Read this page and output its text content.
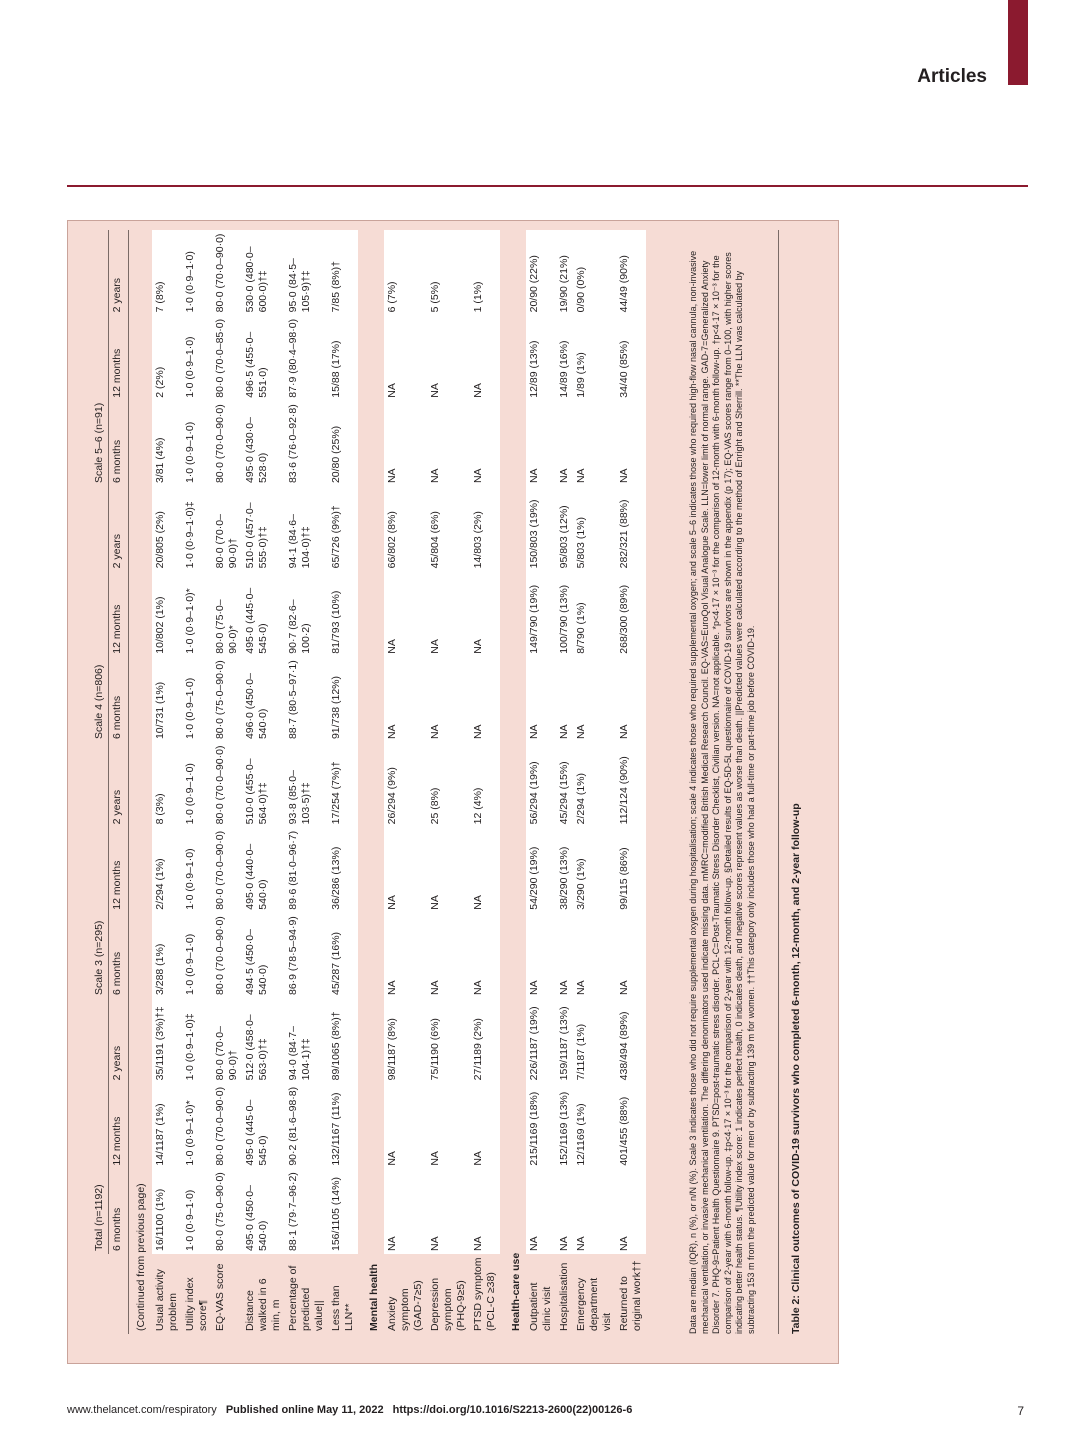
Articles
	Total (n=1192)			Scale 3 (n=295)			Scale 4 (n=806)			Scale 5–6 (n=91)		
	6 months	12 months	2 years	6 months	12 months	2 years	6 months	12 months	2 years	6 months	12 months	2 years
(Continued from previous page)												
Usual activity problem	16/1100 (1%)	14/1187 (1%)	35/1191 (3%)†‡	3/288 (1%)	2/294 (1%)	8 (3%)	10/731 (1%)	10/802 (1%)	20/805 (2%)	3/81 (4%)	2 (2%)	7 (8%)
Utility index score¶	1·0 (0·9–1·0)	1·0 (0·9–1·0)*	1·0 (0·9–1·0)‡	1·0 (0·9–1·0)	1·0 (0·9–1·0)	1·0 (0·9–1·0)	1·0 (0·9–1·0)	1·0 (0·9–1·0)*	1·0 (0·9–1·0)‡	1·0 (0·9–1·0)	1·0 (0·9–1·0)	1·0 (0·9–1·0)
EQ-VAS score	80·0 (75·0–90·0)	80·0 (70·0–90·0)	80·0 (70·0–90·0)†	80·0 (70·0–90·0)	80·0 (70·0–90·0)	80·0 (70·0–90·0)	80·0 (75·0–90·0)	80·0 (75·0–90·0)*	80·0 (70·0–90·0)†	80·0 (70·0–90·0)	80·0 (70·0–85·0)	80·0 (70·0–90·0)
Distance walked in 6 min, m	495·0 (450·0–540·0)	495·0 (445·0–545·0)	512·0 (458·0–563·0)†‡	494·5 (450·0–540·0)	495·0 (440·0–540·0)	510·0 (455·0–564·0)†‡	496·0 (450·0–540·0)	495·0 (445·0–545·0)	510·0 (457·0–555·0)†‡	495·0 (430·0–528·0)	496·5 (455·0–551·0)	530·0 (480·0–600·0)†‡
Percentage of predicted value||	88·1 (79·7–96·2)	90·2 (81·6–98·8)	94·0 (84·7–104·1)†‡	86·9 (78·5–94·9)	89·6 (81·0–96·7)	93·8 (85·0–103·5)†‡	88·7 (80·5–97·1)	90·7 (82·6–100·2)	94·1 (84·6–104·0)†‡	83·6 (76·0–92·8)	87·9 (80·4–98·0)	95·0 (84·5–105·9)†‡
Less than LLN**	156/1105 (14%)	132/1167 (11%)	89/1065 (8%)†	45/287 (16%)	36/286 (13%)	17/254 (7%)†	91/738 (12%)	81/793 (10%)	65/726 (9%)†	20/80 (25%)	15/88 (17%)	7/85 (8%)†

Mental health												
Anxiety symptom (GAD-7≥5)	NA	NA	98/1187 (8%)	NA	NA	26/294 (9%)	NA	NA	66/802 (8%)	NA	NA	6 (7%)
Depression symptom (PHQ-9≥5)	NA	NA	75/1190 (6%)	NA	NA	25 (8%)	NA	NA	45/804 (6%)	NA	NA	5 (5%)
PTSD symptom (PCL-C ≥38)	NA	NA	27/1189 (2%)	NA	NA	12 (4%)	NA	NA	14/803 (2%)	NA	NA	1 (1%)

Health-care use												
Outpatient clinic visit	NA	215/1169 (18%)	226/1187 (19%)	NA	54/290 (19%)	56/294 (19%)	NA	149/790 (19%)	150/803 (19%)	NA	12/89 (13%)	20/90 (22%)
Hospitalisation	NA	152/1169 (13%)	159/1187 (13%)	NA	38/290 (13%)	45/294 (15%)	NA	100/790 (13%)	95/803 (12%)	NA	14/89 (16%)	19/90 (21%)
Emergency department visit	NA	12/1169 (1%)	7/1187 (1%)	NA	3/290 (1%)	2/294 (1%)	NA	8/790 (1%)	5/803 (1%)	NA	1/89 (1%)	0/90 (0%)
Returned to original work††	NA	401/455 (88%)	438/494 (89%)	NA	99/115 (86%)	112/124 (90%)	NA	268/300 (89%)	282/321 (88%)	NA	34/40 (85%)	44/49 (90%)	Data are median (IQR), n (%), or n/N (%). Scale 3 indicates those who did not require supplemental oxygen during hospitalisation; scale 4 indicates those who required supplemental oxygen; and scale 5–6 indicates those who required high-flow nasal cannula, non-invasive mechanical ventilation, or invasive mechanical ventilation. The differing denominators used indicate missing data. mMRC=modified British Medical Research Council. EQ-VAS=EuroQol Visual Analogue Scale. LLN=lower limit of normal range. GAD-7=Generalized Anxiety Disorder 7. PHQ-9=Patient Health Questionnaire 9. PTSD=post-traumatic stress disorder. PCL-C=Post-Traumatic Stress Disorder Checklist, Civilian version. NA=not applicable. *p<4·17 × 10⁻³ for the comparison of 12-month with 6-month follow-up. †p<4·17 × 10⁻³ for the comparison of 2-year with 6-month follow-up. ‡p<4·17 × 10⁻³ for the comparison of 2-year with 12-month follow-up. §Detailed results of EQ-5D-5L questionnaire of COVID-19 survivors are shown in the appendix (p 17); EQ-VAS scores range from 0–100, with higher scores indicating better health status. ¶Utility index score: 1 indicates perfect health, 0 indicates death, and negative scores represent values as worse than death. ||Predicted values were calculated according to the method of Enright and Sherrill. **The LLN was calculated by subtracting 153 m from the predicted value for men or by subtracting 139 m for women. ††This category only includes those who had a full-time or part-time job before COVID-19.	Table 2: Clinical outcomes of COVID-19 survivors who completed 6-month, 12-month, and 2-year follow-up
www.thelancet.com/respiratory Published online May 11, 2022 https://doi.org/10.1016/S2213-2600(22)00126-6	7
